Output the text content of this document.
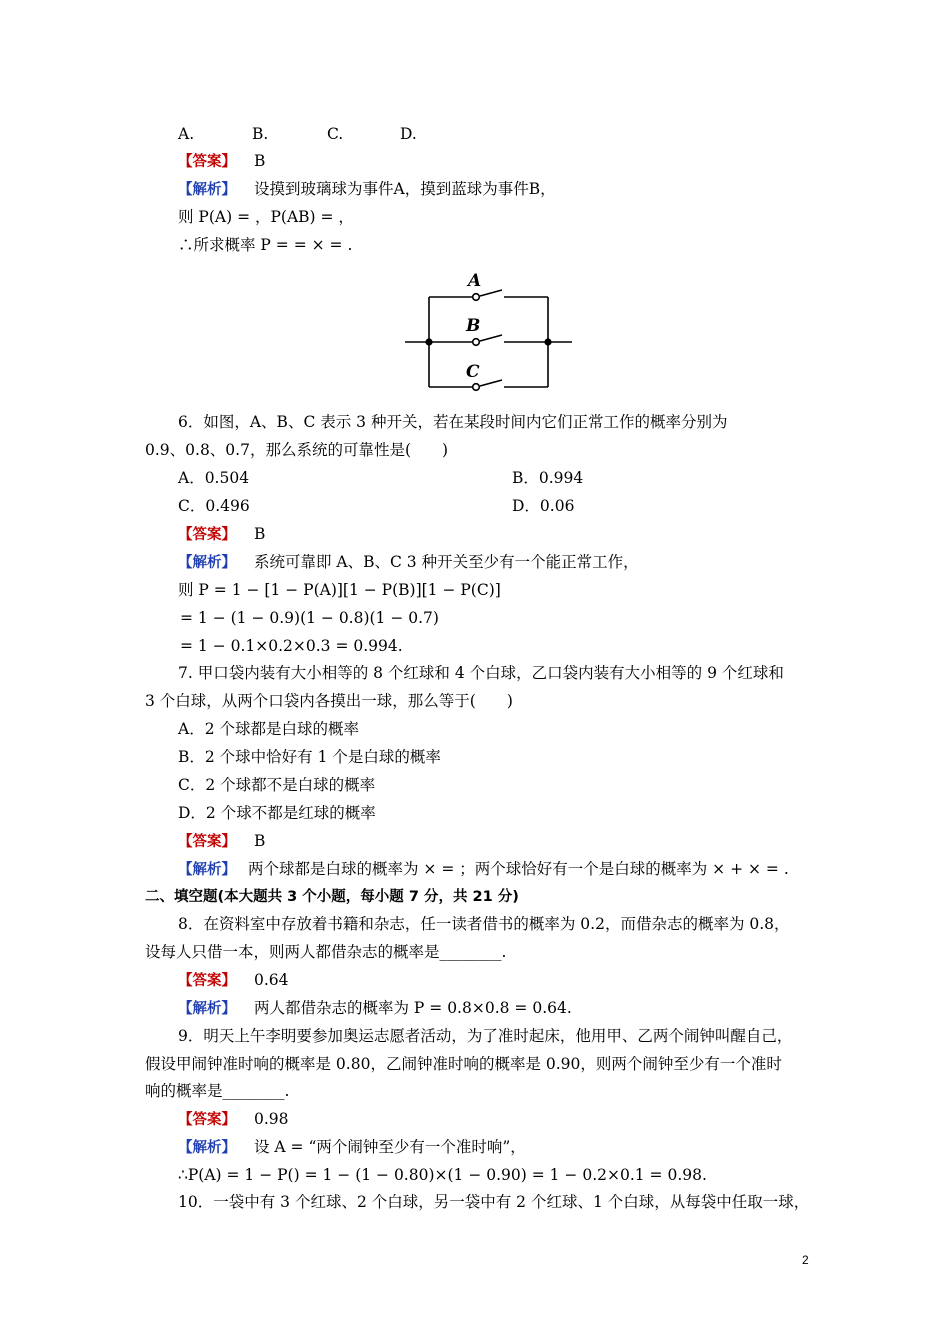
A.	B.	C.	D.
【答案】 B
【解析】 设摸到玻璃球为事件A，摸到蓝球为事件B，
则 P(A) = ，P(AB) = ，
∴所求概率 P = = × = .
A
B
C
6．如图，A、B、C 表示 3 种开关，若在某段时间内它们正常工作的概率分别为
0.9、0.8、0.7，那么系统的可靠性是(　　)
A．0.504	B．0.994
C．0.496	D．0.06
【答案】 B
【解析】 系统可靠即 A、B、C 3 种开关至少有一个能正常工作，
则 P = 1 − [1 − P(A)][1 − P(B)][1 − P(C)]
= 1 − (1 − 0.9)(1 − 0.8)(1 − 0.7)
= 1 − 0.1×0.2×0.3 = 0.994.
7. 甲口袋内装有大小相等的 8 个红球和 4 个白球，乙口袋内装有大小相等的 9 个红球和
3 个白球，从两个口袋内各摸出一球，那么等于(　　)
A．2 个球都是白球的概率
B．2 个球中恰好有 1 个是白球的概率
C．2 个球都不是白球的概率
D．2 个球不都是红球的概率
【答案】 B
【解析】 两个球都是白球的概率为 × = ；两个球恰好有一个是白球的概率为 × + × = .
二、填空题(本大题共 3 个小题，每小题 7 分，共 21 分)
8．在资料室中存放着书籍和杂志，任一读者借书的概率为 0.2，而借杂志的概率为 0.8，
设每人只借一本，则两人都借杂志的概率是________.
【答案】 0.64
【解析】 两人都借杂志的概率为 P = 0.8×0.8 = 0.64.
9．明天上午李明要参加奥运志愿者活动，为了准时起床，他用甲、乙两个闹钟叫醒自己，
假设甲闹钟准时响的概率是 0.80，乙闹钟准时响的概率是 0.90，则两个闹钟至少有一个准时
响的概率是________.
【答案】 0.98
【解析】 设 A = “两个闹钟至少有一个准时响”，
∴P(A) = 1 − P() = 1 − (1 − 0.80)×(1 − 0.90) = 1 − 0.2×0.1 = 0.98.
10．一袋中有 3 个红球、2 个白球，另一袋中有 2 个红球、1 个白球，从每袋中任取一球，
2
